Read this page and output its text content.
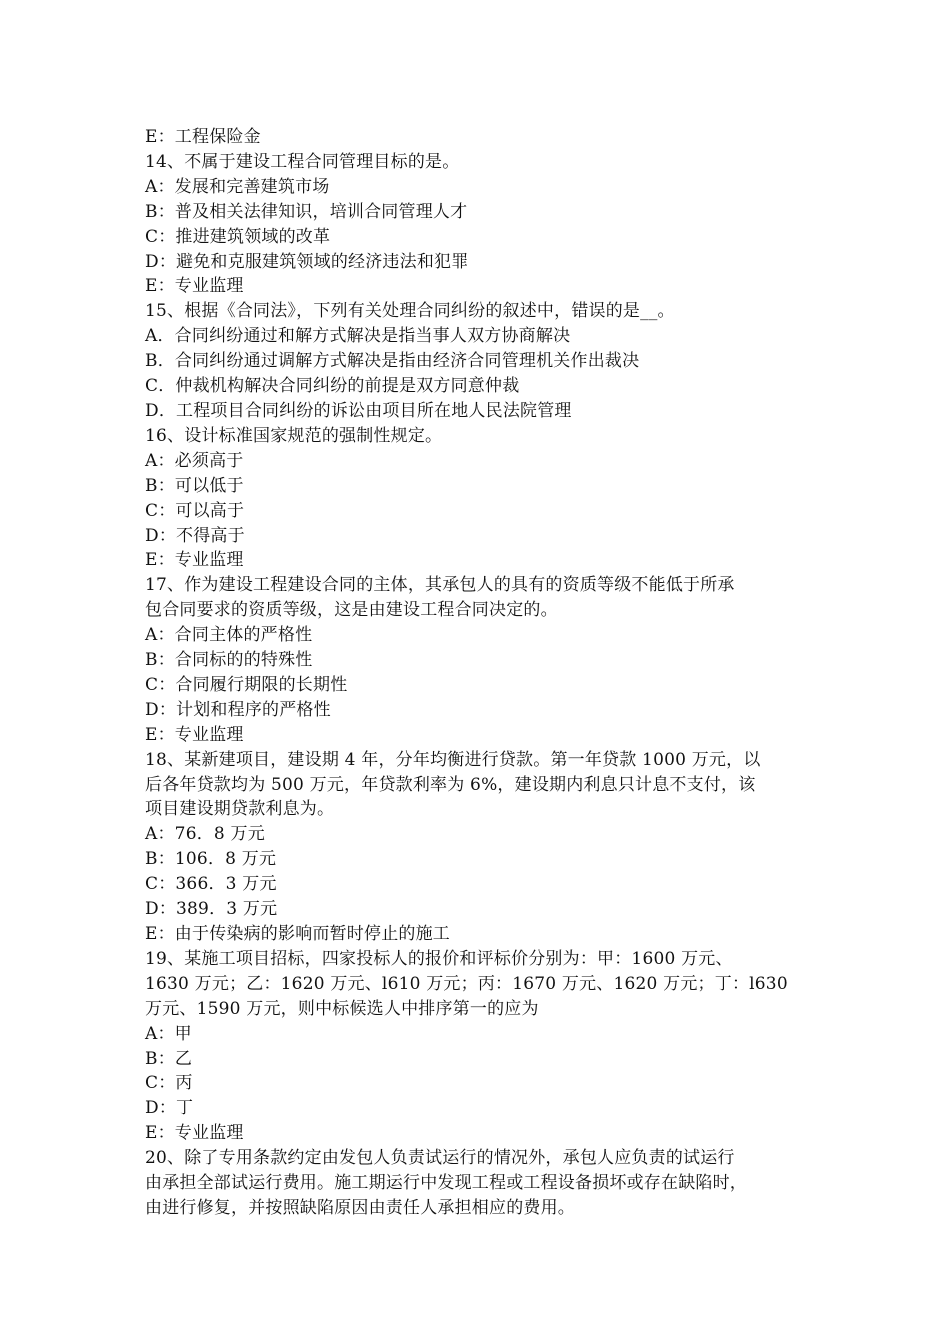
E：工程保险金
14、不属于建设工程合同管理目标的是。
A：发展和完善建筑市场
B：普及相关法律知识，培训合同管理人才
C：推进建筑领域的改革
D：避免和克服建筑领域的经济违法和犯罪
E：专业监理
15、根据《合同法》，下列有关处理合同纠纷的叙述中，错误的是__。
A．合同纠纷通过和解方式解决是指当事人双方协商解决
B．合同纠纷通过调解方式解决是指由经济合同管理机关作出裁决
C．仲裁机构解决合同纠纷的前提是双方同意仲裁
D．工程项目合同纠纷的诉讼由项目所在地人民法院管理
16、设计标准国家规范的强制性规定。
A：必须高于
B：可以低于
C：可以高于
D：不得高于
E：专业监理
17、作为建设工程建设合同的主体，其承包人的具有的资质等级不能低于所承
包合同要求的资质等级，这是由建设工程合同决定的。
A：合同主体的严格性
B：合同标的的特殊性
C：合同履行期限的长期性
D：计划和程序的严格性
E：专业监理
18、某新建项目，建设期 4 年，分年均衡进行贷款。第一年贷款 1000 万元，以
后各年贷款均为 500 万元，年贷款利率为 6%，建设期内利息只计息不支付，该
项目建设期贷款利息为。
A：76．8 万元
B：106．8 万元
C：366．3 万元
D：389．3 万元
E：由于传染病的影响而暂时停止的施工
19、某施工项目招标，四家投标人的报价和评标价分别为：甲：1600 万元、
1630 万元；乙：1620 万元、l610 万元；丙：1670 万元、1620 万元；丁：l630
万元、1590 万元，则中标候选人中排序第一的应为
A：甲
B：乙
C：丙
D：丁
E：专业监理
20、除了专用条款约定由发包人负责试运行的情况外，承包人应负责的试运行
由承担全部试运行费用。施工期运行中发现工程或工程设备损坏或存在缺陷时，
由进行修复，并按照缺陷原因由责任人承担相应的费用。
